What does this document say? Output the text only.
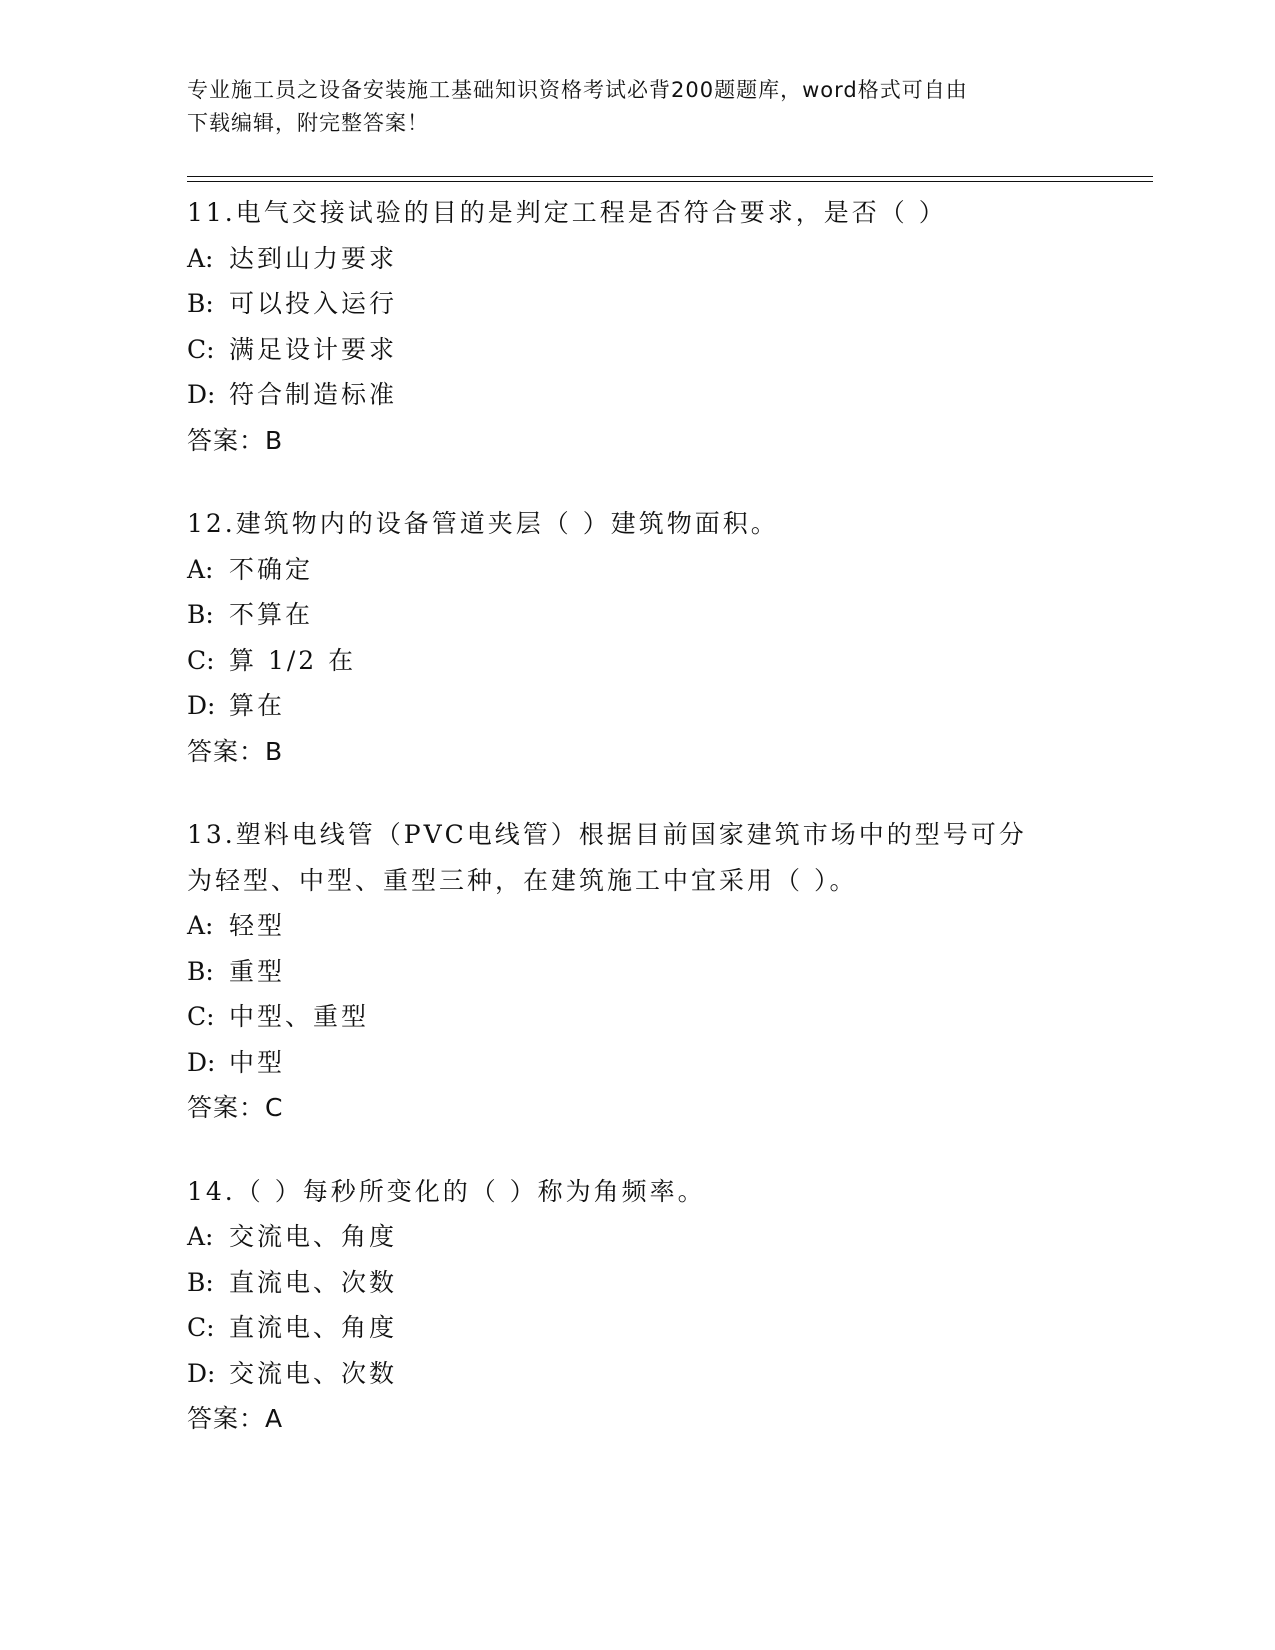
专业施工员之设备安装施工基础知识资格考试必背200题题库，word格式可自由
下载编辑，附完整答案！
11.电气交接试验的目的是判定工程是否符合要求，是否（ ）
A: 达到山力要求
B: 可以投入运行
C: 满足设计要求
D: 符合制造标准
答案：B
12.建筑物内的设备管道夹层（ ）建筑物面积。
A: 不确定
B: 不算在
C: 算 1/2 在
D: 算在
答案：B
13.塑料电线管（PVC电线管）根据目前国家建筑市场中的型号可分为轻型、中型、重型三种，在建筑施工中宜采用（ ）。
A: 轻型
B: 重型
C: 中型、重型
D: 中型
答案：C
14.（ ）每秒所变化的（ ）称为角频率。
A: 交流电、角度
B: 直流电、次数
C: 直流电、角度
D: 交流电、次数
答案：A
